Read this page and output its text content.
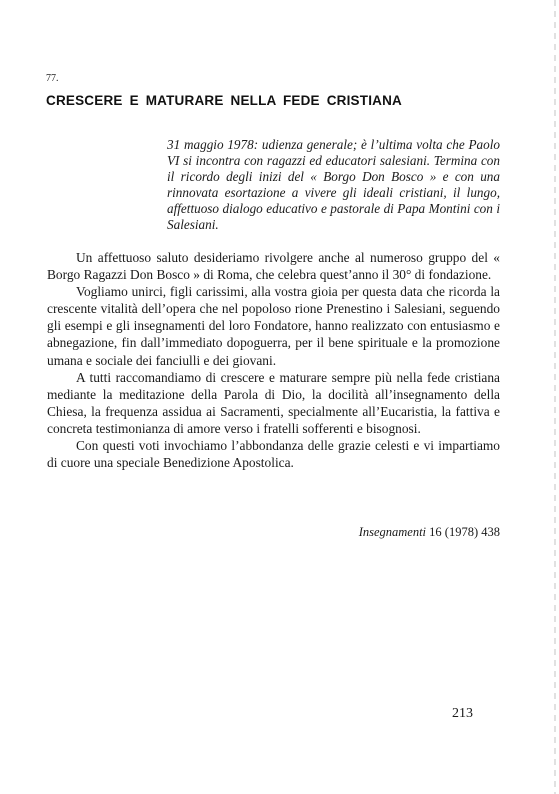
77.
CRESCERE E MATURARE NELLA FEDE CRISTIANA
31 maggio 1978: udienza generale; è l’ultima volta che Paolo VI si incontra con ragazzi ed educatori salesiani. Termina con il ricordo degli inizi del « Borgo Don Bosco » e con una rinnovata esortazione a vivere gli ideali cristiani, il lungo, affettuoso dialogo educativo e pastorale di Papa Montini con i Salesiani.

Un affettuoso saluto desideriamo rivolgere anche al numeroso gruppo del « Borgo Ragazzi Don Bosco » di Roma, che celebra quest’anno il 30° di fondazione.

Vogliamo unirci, figli carissimi, alla vostra gioia per questa data che ricorda la crescente vitalità dell’opera che nel popoloso rione Prenestino i Salesiani, seguendo gli esempi e gli insegnamenti del loro Fondatore, hanno realizzato con entusiasmo e abnegazione, fin dall’immediato dopoguerra, per il bene spirituale e la promozione umana e sociale dei fanciulli e dei giovani.

A tutti raccomandiamo di crescere e maturare sempre più nella fede cristiana mediante la meditazione della Parola di Dio, la docilità all’insegnamento della Chiesa, la frequenza assidua ai Sacramenti, specialmente all’Eucaristia, la fattiva e concreta testimonianza di amore verso i fratelli sofferenti e bisognosi.

Con questi voti invochiamo l’abbondanza delle grazie celesti e vi impartiamo di cuore una speciale Benedizione Apostolica.

Insegnamenti 16 (1978) 438
213
